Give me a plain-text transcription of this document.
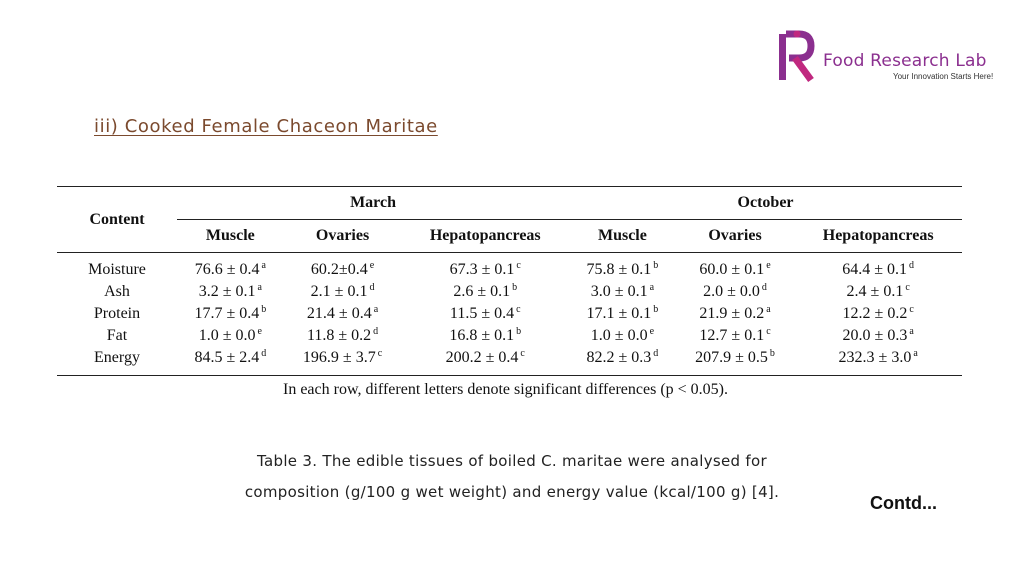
Food Research Lab
Your Innovation Starts Here!
iii) Cooked Female Chaceon Maritae
Content	March			October		
	Muscle	Ovaries	Hepatopancreas	Muscle	Ovaries	Hepatopancreas
Moisture	76.6 ± 0.4 $^a$	60.2±0.4 $^e$	67.3 ± 0.1 $^c$	75.8 ± 0.1 $^b$	60.0 ± 0.1 $^e$	64.4 ± 0.1 $^d$
Ash	3.2 ± 0.1 $^a$	2.1 ± 0.1 $^d$	2.6 ± 0.1 $^b$	3.0 ± 0.1 $^a$	2.0 ± 0.0 $^d$	2.4 ± 0.1 $^c$
Protein	17.7 ± 0.4 $^b$	21.4 ± 0.4 $^a$	11.5 ± 0.4 $^c$	17.1 ± 0.1 $^b$	21.9 ± 0.2 $^a$	12.2 ± 0.2 $^c$
Fat	1.0 ± 0.0 $^e$	11.8 ± 0.2 $^d$	16.8 ± 0.1 $^b$	1.0 ± 0.0 $^e$	12.7 ± 0.1 $^c$	20.0 ± 0.3 $^a$
Energy	84.5 ± 2.4 $^d$	196.9 ± 3.7 $^c$	200.2 ± 0.4 $^c$	82.2 ± 0.3 $^d$	207.9 ± 0.5 $^b$	232.3 ± 3.0 $^a$
In each row, different letters denote significant differences (p < 0.05).
Table 3. The edible tissues of boiled C. maritae were analysed for
composition (g/100 g wet weight) and energy value (kcal/100 g) [4].
Contd...
